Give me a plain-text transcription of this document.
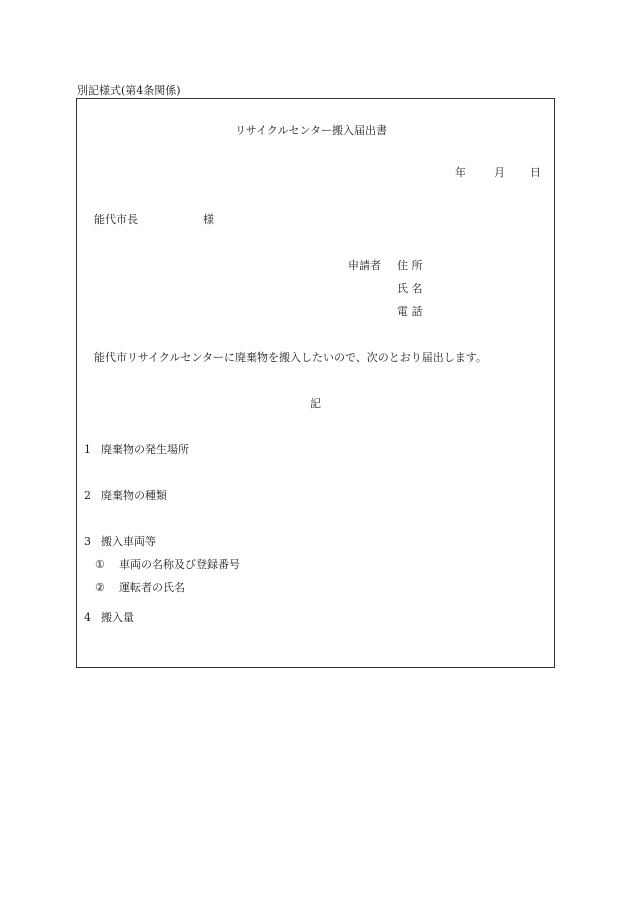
別記様式(第4条関係)
リサイクルセンター搬入届出書
年	月 日
能代市長	様
申請者 住 所
氏 名
電 話
能代市リサイクルセンターに廃棄物を搬入したいので、次のとおり届出します。
記
1 廃棄物の発生場所
2 廃棄物の種類
3 搬入車両等
① 車両の名称及び登録番号
② 運転者の氏名
4 搬入量
